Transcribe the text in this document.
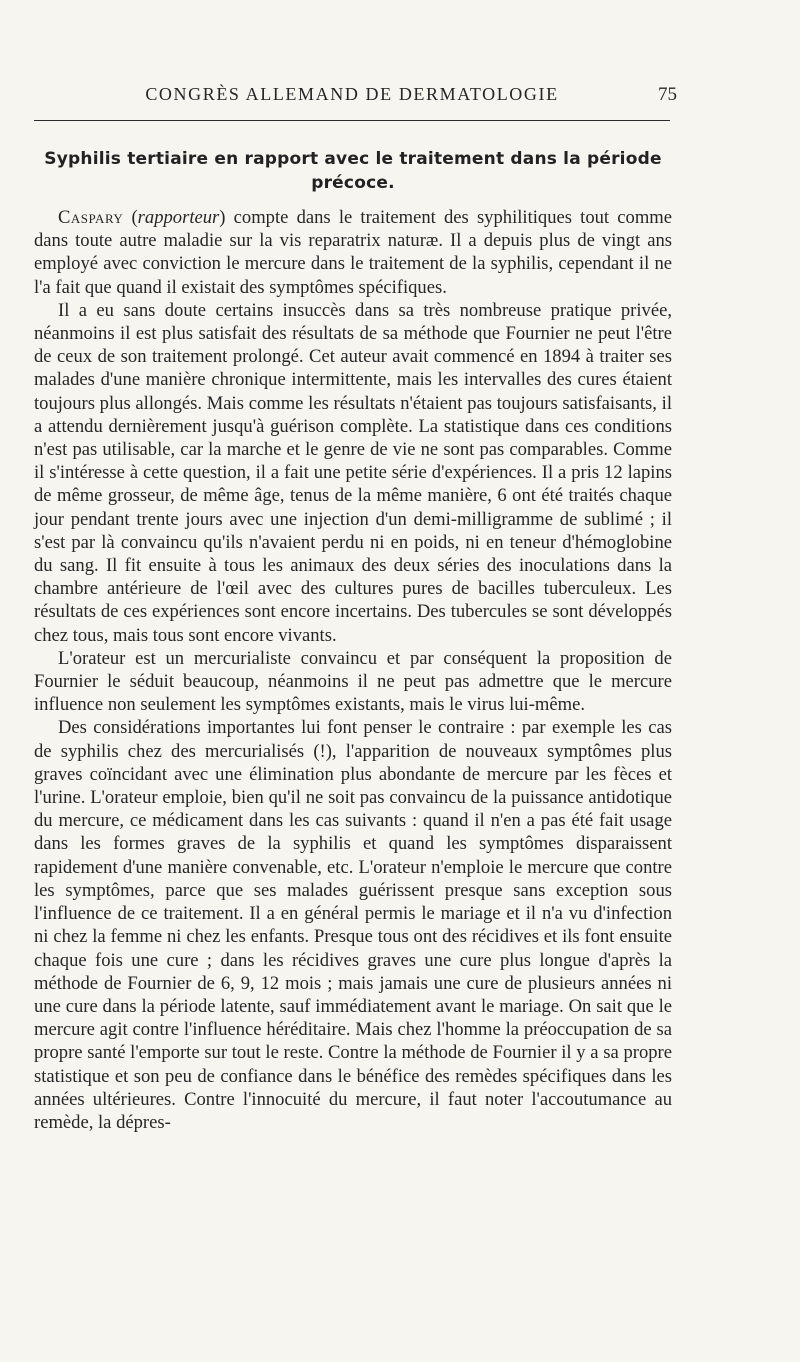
CONGRÈS ALLEMAND DE DERMATOLOGIE	75
Syphilis tertiaire en rapport avec le traitement dans la période
précoce.

Caspary (rapporteur) compte dans le traitement des syphilitiques tout comme dans toute autre maladie sur la vis reparatrix naturæ. Il a depuis plus de vingt ans employé avec conviction le mercure dans le traitement de la syphilis, cependant il ne l'a fait que quand il existait des symptômes spécifiques.

Il a eu sans doute certains insuccès dans sa très nombreuse pratique privée, néanmoins il est plus satisfait des résultats de sa méthode que Fournier ne peut l'être de ceux de son traitement prolongé. Cet auteur avait commencé en 1894 à traiter ses malades d'une manière chronique intermittente, mais les intervalles des cures étaient toujours plus allongés. Mais comme les résultats n'étaient pas toujours satisfaisants, il a attendu dernièrement jusqu'à guérison complète. La statistique dans ces conditions n'est pas utilisable, car la marche et le genre de vie ne sont pas comparables. Comme il s'intéresse à cette question, il a fait une petite série d'expériences. Il a pris 12 lapins de même grosseur, de même âge, tenus de la même manière, 6 ont été traités chaque jour pendant trente jours avec une injection d'un demi-milligramme de sublimé ; il s'est par là convaincu qu'ils n'avaient perdu ni en poids, ni en teneur d'hémoglobine du sang. Il fit ensuite à tous les animaux des deux séries des inoculations dans la chambre antérieure de l'œil avec des cultures pures de bacilles tuberculeux. Les résultats de ces expériences sont encore incertains. Des tubercules se sont développés chez tous, mais tous sont encore vivants.

L'orateur est un mercurialiste convaincu et par conséquent la proposition de Fournier le séduit beaucoup, néanmoins il ne peut pas admettre que le mercure influence non seulement les symptômes existants, mais le virus lui-même.

Des considérations importantes lui font penser le contraire : par exemple les cas de syphilis chez des mercurialisés (!), l'apparition de nouveaux symptômes plus graves coïncidant avec une élimination plus abondante de mercure par les fèces et l'urine. L'orateur emploie, bien qu'il ne soit pas convaincu de la puissance antidotique du mercure, ce médicament dans les cas suivants : quand il n'en a pas été fait usage dans les formes graves de la syphilis et quand les symptômes disparaissent rapidement d'une manière convenable, etc. L'orateur n'emploie le mercure que contre les symptômes, parce que ses malades guérissent presque sans exception sous l'influence de ce traitement. Il a en général permis le mariage et il n'a vu d'infection ni chez la femme ni chez les enfants. Presque tous ont des récidives et ils font ensuite chaque fois une cure ; dans les récidives graves une cure plus longue d'après la méthode de Fournier de 6, 9, 12 mois ; mais jamais une cure de plusieurs années ni une cure dans la période latente, sauf immédiatement avant le mariage. On sait que le mercure agit contre l'influence héréditaire. Mais chez l'homme la préoccupation de sa propre santé l'emporte sur tout le reste. Contre la méthode de Fournier il y a sa propre statistique et son peu de confiance dans le bénéfice des remèdes spécifiques dans les années ultérieures. Contre l'innocuité du mercure, il faut noter l'accoutumance au remède, la dépres-
